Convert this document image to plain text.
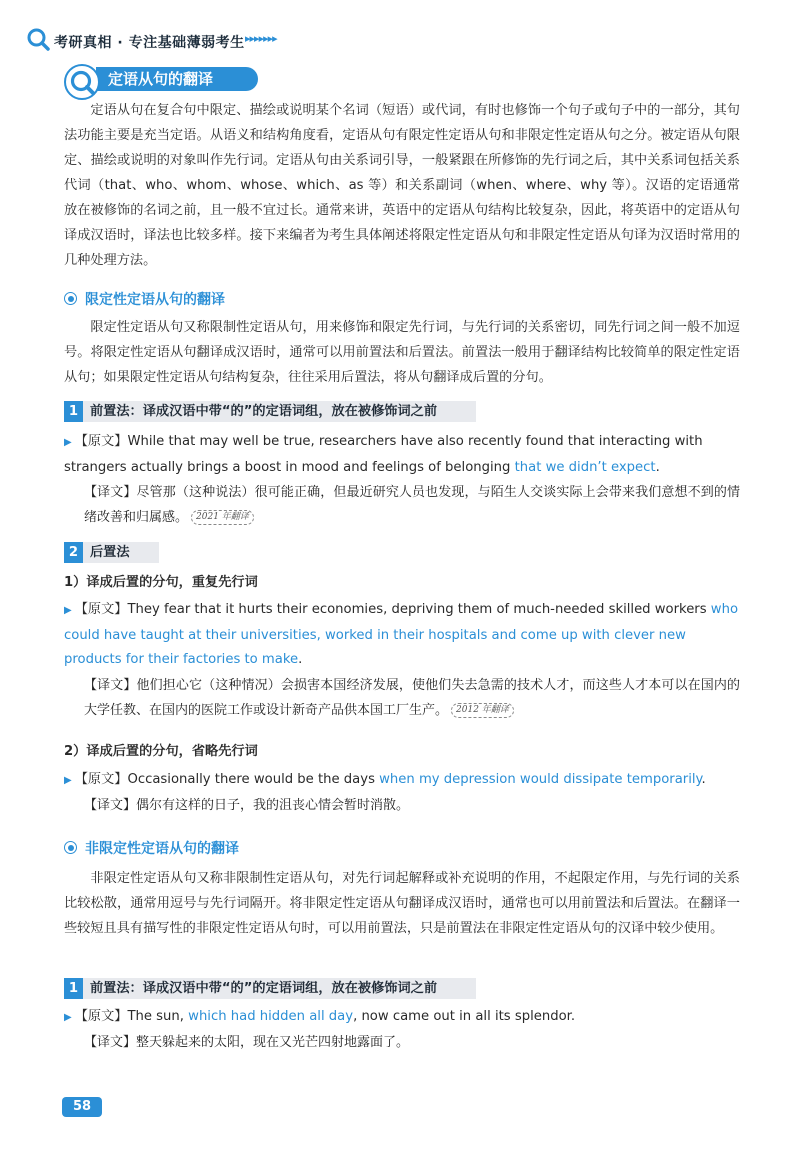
考研真相 · 专注基础薄弱考生 ▸▸▸▸▸▸▸
定语从句的翻译
定语从句在复合句中限定、描绘或说明某个名词（短语）或代词，有时也修饰一个句子或句子中的一部分，其句法功能主要是充当定语。从语义和结构角度看，定语从句有限定性定语从句和非限定性定语从句之分。被定语从句限定、描绘或说明的对象叫作先行词。定语从句由关系词引导，一般紧跟在所修饰的先行词之后，其中关系词包括关系代词（that、who、whom、whose、which、as 等）和关系副词（when、where、why 等）。汉语的定语通常放在被修饰的名词之前，且一般不宜过长。通常来讲，英语中的定语从句结构比较复杂，因此，将英语中的定语从句译成汉语时，译法也比较多样。接下来编者为考生具体阐述将限定性定语从句和非限定性定语从句译为汉语时常用的几种处理方法。
限定性定语从句的翻译
限定性定语从句又称限制性定语从句，用来修饰和限定先行词，与先行词的关系密切，同先行词之间一般不加逗号。将限定性定语从句翻译成汉语时，通常可以用前置法和后置法。前置法一般用于翻译结构比较简单的限定性定语从句；如果限定性定语从句结构复杂，往往采用后置法，将从句翻译成后置的分句。
1 前置法：译成汉语中带“的”的定语词组，放在被修饰词之前
▶ 【原文】While that may well be true, researchers have also recently found that interacting with strangers actually brings a boost in mood and feelings of belonging that we didn’t expect.
【译文】尽管那（这种说法）很可能正确，但最近研究人员也发现，与陌生人交谈实际上会带来我们意想不到的情绪改善和归属感。 2021 年翻译
2 后置法
1）译成后置的分句，重复先行词
▶ 【原文】They fear that it hurts their economies, depriving them of much-needed skilled workers who could have taught at their universities, worked in their hospitals and come up with clever new products for their factories to make.
【译文】他们担心它（这种情况）会损害本国经济发展，使他们失去急需的技术人才，而这些人才本可以在国内的大学任教、在国内的医院工作或设计新奇产品供本国工厂生产。 2012 年翻译
2）译成后置的分句，省略先行词
▶ 【原文】Occasionally there would be the days when my depression would dissipate temporarily.
【译文】偶尔有这样的日子，我的沮丧心情会暂时消散。
非限定性定语从句的翻译
非限定性定语从句又称非限制性定语从句，对先行词起解释或补充说明的作用，不起限定作用，与先行词的关系比较松散，通常用逗号与先行词隔开。将非限定性定语从句翻译成汉语时，通常也可以用前置法和后置法。在翻译一些较短且具有描写性的非限定性定语从句时，可以用前置法，只是前置法在非限定性定语从句的汉译中较少使用。
1 前置法：译成汉语中带“的”的定语词组，放在被修饰词之前
▶ 【原文】The sun, which had hidden all day, now came out in all its splendor.
【译文】整天躲起来的太阳，现在又光芒四射地露面了。
58
